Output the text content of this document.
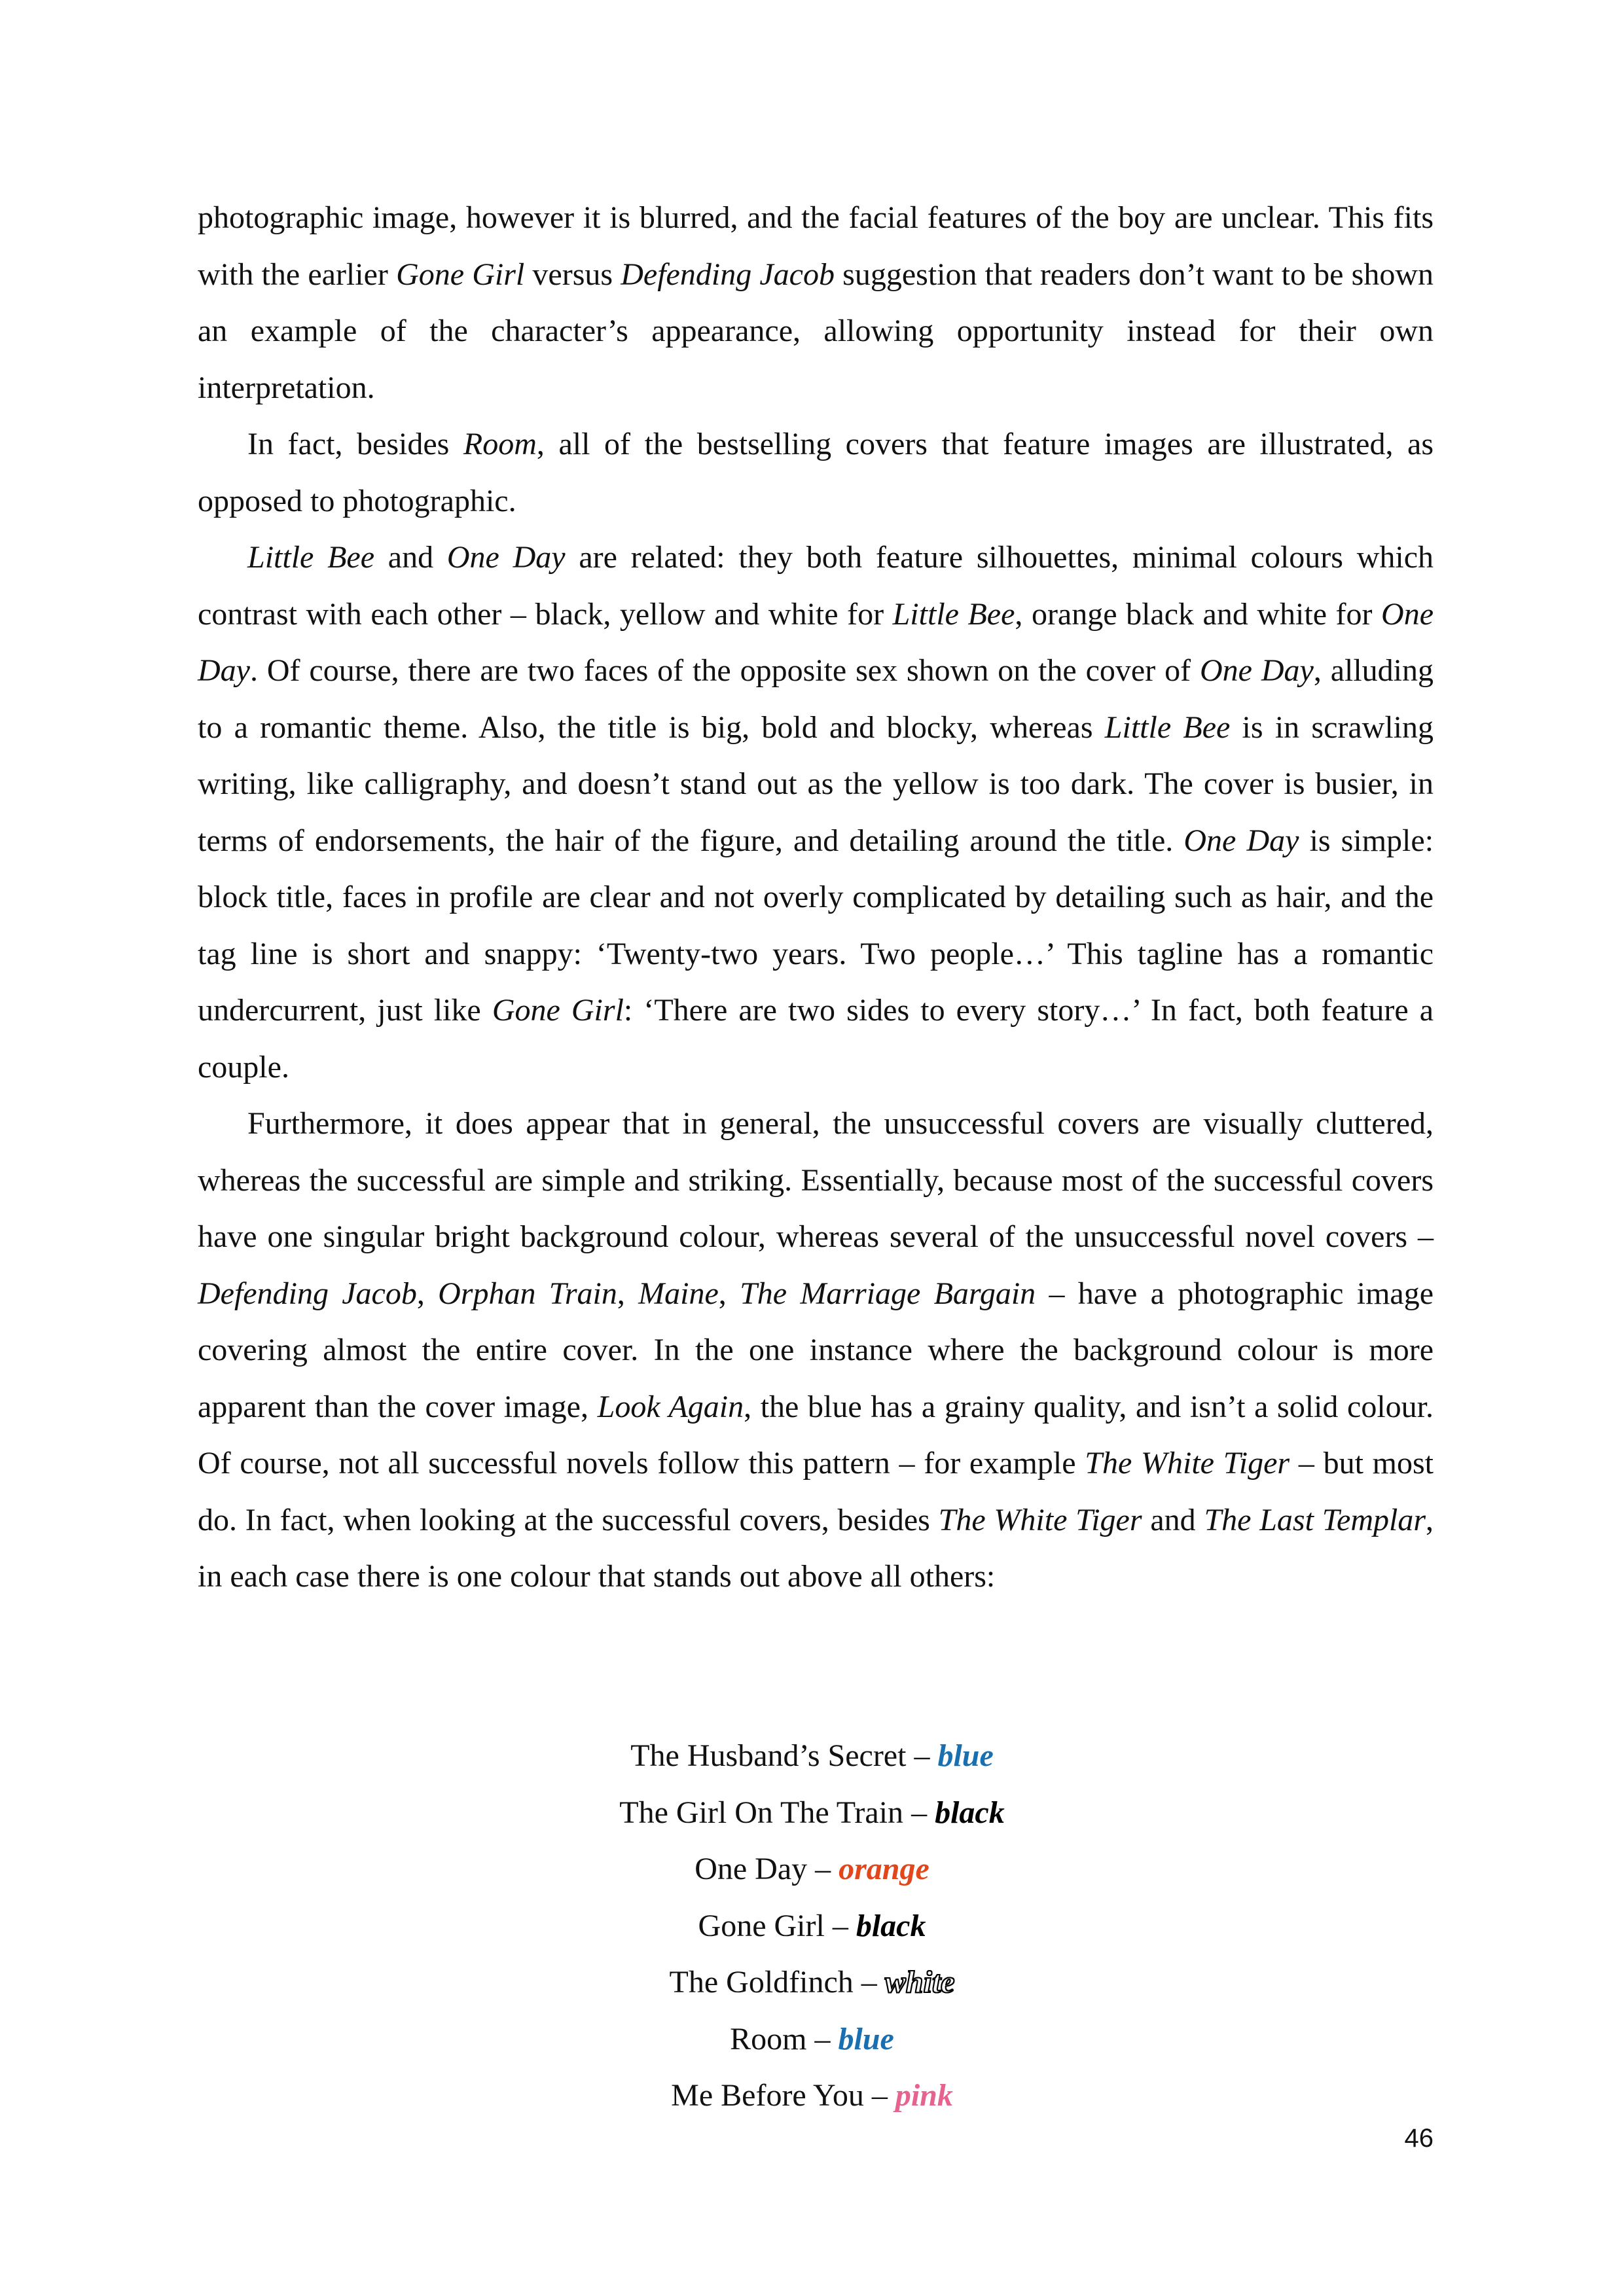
photographic image, however it is blurred, and the facial features of the boy are unclear. This fits with the earlier Gone Girl versus Defending Jacob suggestion that readers don’t want to be shown an example of the character’s appearance, allowing opportunity instead for their own interpretation.

In fact, besides Room, all of the bestselling covers that feature images are illustrated, as opposed to photographic.

Little Bee and One Day are related: they both feature silhouettes, minimal colours which contrast with each other – black, yellow and white for Little Bee, orange black and white for One Day. Of course, there are two faces of the opposite sex shown on the cover of One Day, alluding to a romantic theme. Also, the title is big, bold and blocky, whereas Little Bee is in scrawling writing, like calligraphy, and doesn’t stand out as the yellow is too dark. The cover is busier, in terms of endorsements, the hair of the figure, and detailing around the title. One Day is simple: block title, faces in profile are clear and not overly complicated by detailing such as hair, and the tag line is short and snappy: ‘Twenty-two years. Two people…’ This tagline has a romantic undercurrent, just like Gone Girl: ‘There are two sides to every story…’ In fact, both feature a couple.

Furthermore, it does appear that in general, the unsuccessful covers are visually cluttered, whereas the successful are simple and striking. Essentially, because most of the successful covers have one singular bright background colour, whereas several of the unsuccessful novel covers – Defending Jacob, Orphan Train, Maine, The Marriage Bargain – have a photographic image covering almost the entire cover. In the one instance where the background colour is more apparent than the cover image, Look Again, the blue has a grainy quality, and isn’t a solid colour. Of course, not all successful novels follow this pattern – for example The White Tiger – but most do. In fact, when looking at the successful covers, besides The White Tiger and The Last Templar, in each case there is one colour that stands out above all others:

The Husband’s Secret – blue
The Girl On The Train – black
One Day – orange
Gone Girl – black
The Goldfinch – white
Room – blue
Me Before You – pink
46
